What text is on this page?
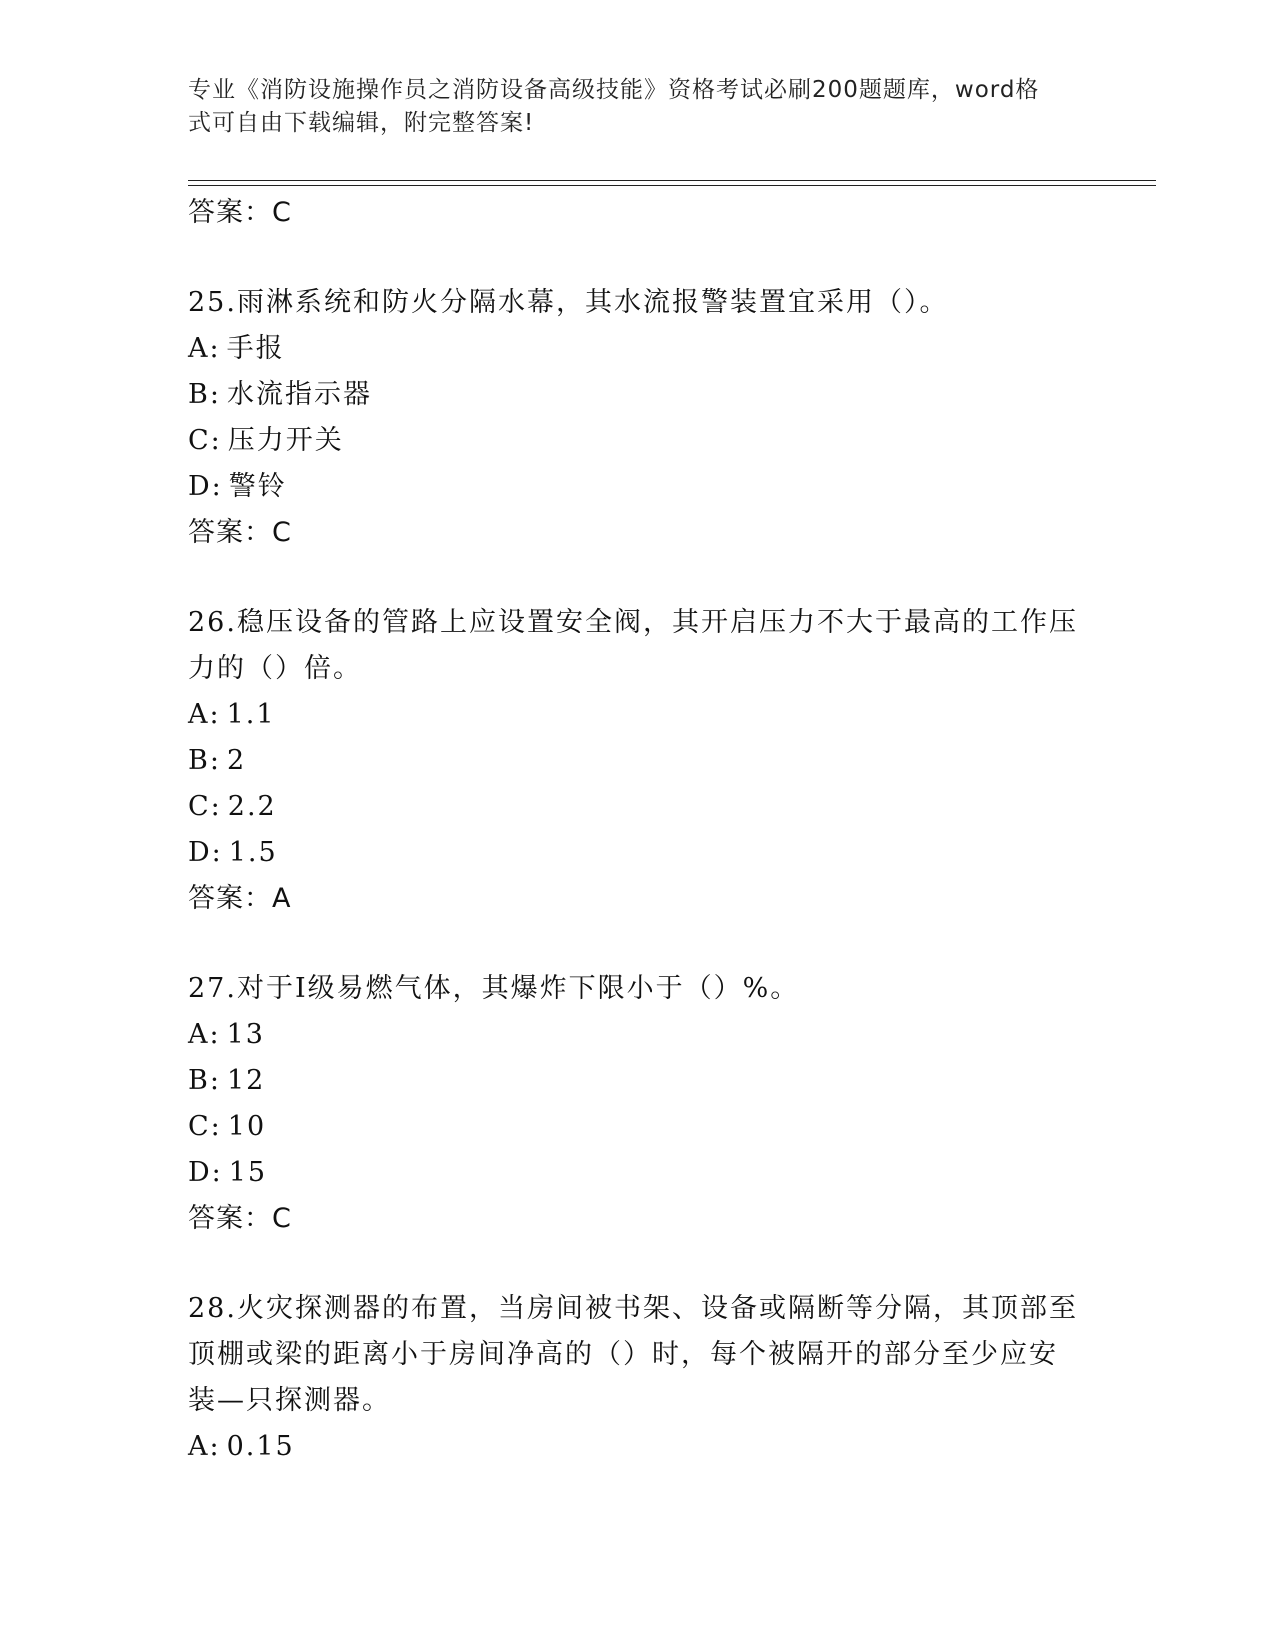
专业《消防设施操作员之消防设备高级技能》资格考试必刷200题题库，word格
式可自由下载编辑，附完整答案!
答案：C
25.雨淋系统和防火分隔水幕，其水流报警装置宜采用（）。
A: 手报
B: 水流指示器
C: 压力开关
D: 警铃
答案：C
26.稳压设备的管路上应设置安全阀，其开启压力不大于最高的工作压力的（）倍。
A: 1.1
B: 2
C: 2.2
D: 1.5
答案：A
27.对于Ⅰ级易燃气体，其爆炸下限小于（）%。
A: 13
B: 12
C: 10
D: 15
答案：C
28.火灾探测器的布置，当房间被书架、设备或隔断等分隔，其顶部至顶棚或梁的距离小于房间净高的（）时，每个被隔开的部分至少应安装—只探测器。
A: 0.15
